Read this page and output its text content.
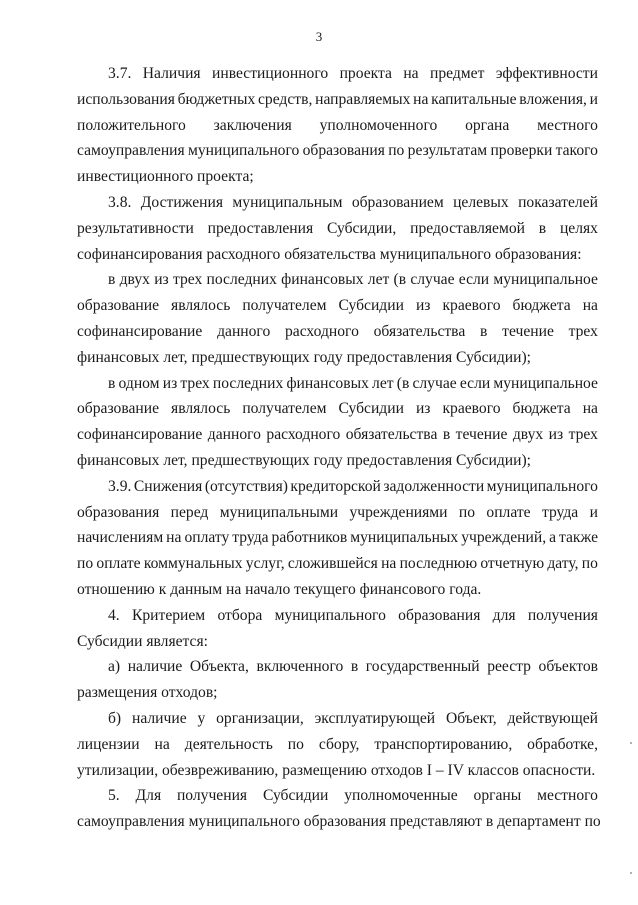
3
3.7. Наличия инвестиционного проекта на предмет эффективности
использования бюджетных средств, направляемых на капитальные вложения, и
положительного заключения уполномоченного органа местного
самоуправления муниципального образования по результатам проверки такого
инвестиционного проекта;
3.8. Достижения муниципальным образованием целевых показателей
результативности предоставления Субсидии, предоставляемой в целях
софинансирования расходного обязательства муниципального образования:
в двух из трех последних финансовых лет (в случае если муниципальное
образование являлось получателем Субсидии из краевого бюджета на
софинансирование данного расходного обязательства в течение трех
финансовых лет, предшествующих году предоставления Субсидии);
в одном из трех последних финансовых лет (в случае если муниципальное
образование являлось получателем Субсидии из краевого бюджета на
софинансирование данного расходного обязательства в течение двух из трех
финансовых лет, предшествующих году предоставления Субсидии);
3.9. Снижения (отсутствия) кредиторской задолженности муниципального
образования перед муниципальными учреждениями по оплате труда и
начислениям на оплату труда работников муниципальных учреждений, а также
по оплате коммунальных услуг, сложившейся на последнюю отчетную дату, по
отношению к данным на начало текущего финансового года.
4. Критерием отбора муниципального образования для получения
Субсидии является:
а) наличие Объекта, включенного в государственный реестр объектов
размещения отходов;
б) наличие у организации, эксплуатирующей Объект, действующей
лицензии на деятельность по сбору, транспортированию, обработке,
утилизации, обезвреживанию, размещению отходов I – IV классов опасности.
5. Для получения Субсидии уполномоченные органы местного
самоуправления муниципального образования представляют в департамент по
